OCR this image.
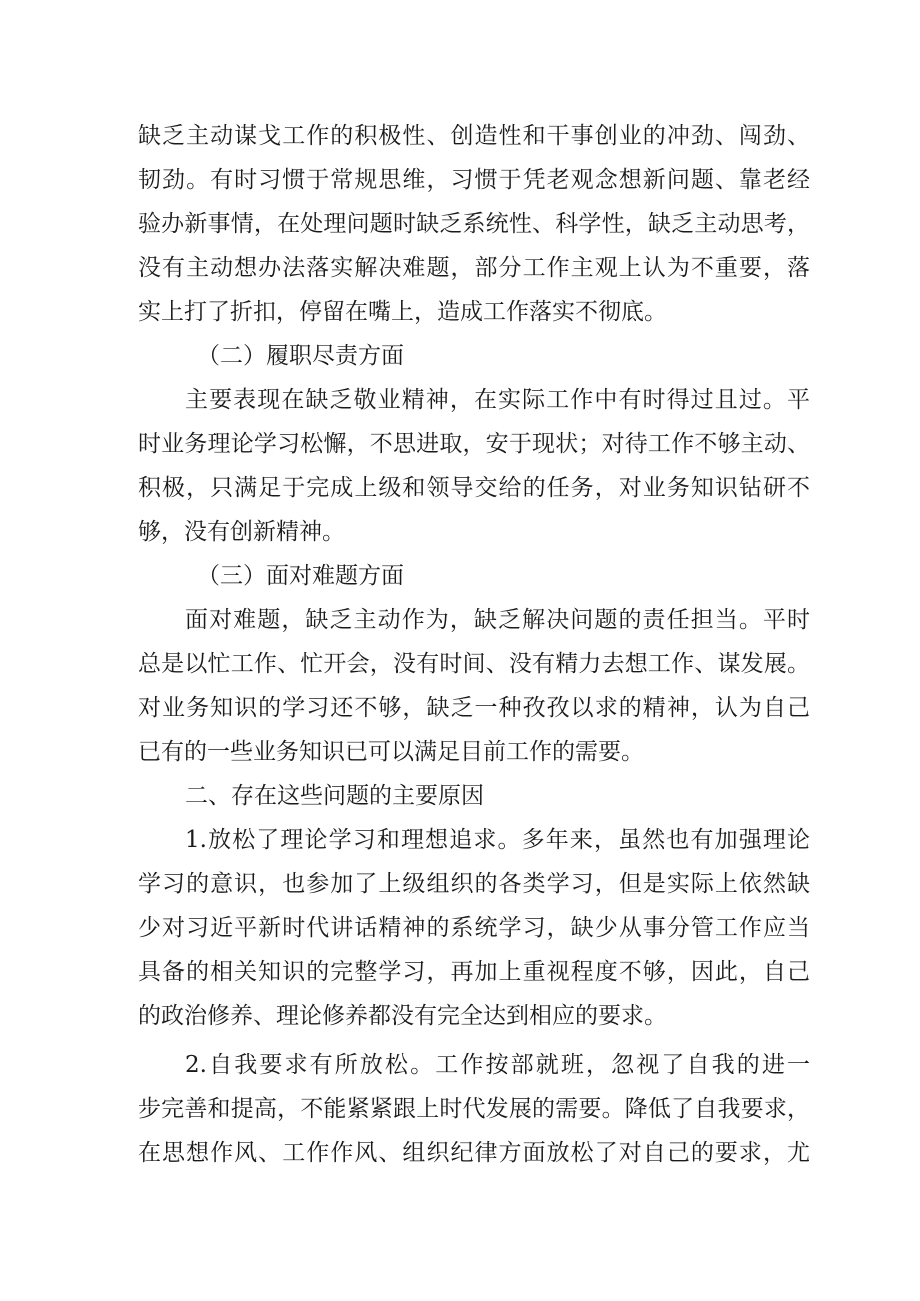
缺乏主动谋戈工作的积极性、创造性和干事创业的冲劲、闯劲、
韧劲。有时习惯于常规思维，习惯于凭老观念想新问题、靠老经
验办新事情，在处理问题时缺乏系统性、科学性，缺乏主动思考，
没有主动想办法落实解决难题，部分工作主观上认为不重要，落
实上打了折扣，停留在嘴上，造成工作落实不彻底。
（二）履职尽责方面
主要表现在缺乏敬业精神，在实际工作中有时得过且过。平
时业务理论学习松懈，不思进取，安于现状；对待工作不够主动、
积极，只满足于完成上级和领导交给的任务，对业务知识钻研不
够，没有创新精神。
（三）面对难题方面
面对难题，缺乏主动作为，缺乏解决问题的责任担当。平时
总是以忙工作、忙开会，没有时间、没有精力去想工作、谋发展。
对业务知识的学习还不够，缺乏一种孜孜以求的精神，认为自己
已有的一些业务知识已可以满足目前工作的需要。
二、存在这些问题的主要原因
1.放松了理论学习和理想追求。多年来，虽然也有加强理论
学习的意识，也参加了上级组织的各类学习，但是实际上依然缺
少对习近平新时代讲话精神的系统学习，缺少从事分管工作应当
具备的相关知识的完整学习，再加上重视程度不够，因此，自己
的政治修养、理论修养都没有完全达到相应的要求。
2.自我要求有所放松。工作按部就班，忽视了自我的进一
步完善和提高，不能紧紧跟上时代发展的需要。降低了自我要求，
在思想作风、工作作风、组织纪律方面放松了对自己的要求，尤
